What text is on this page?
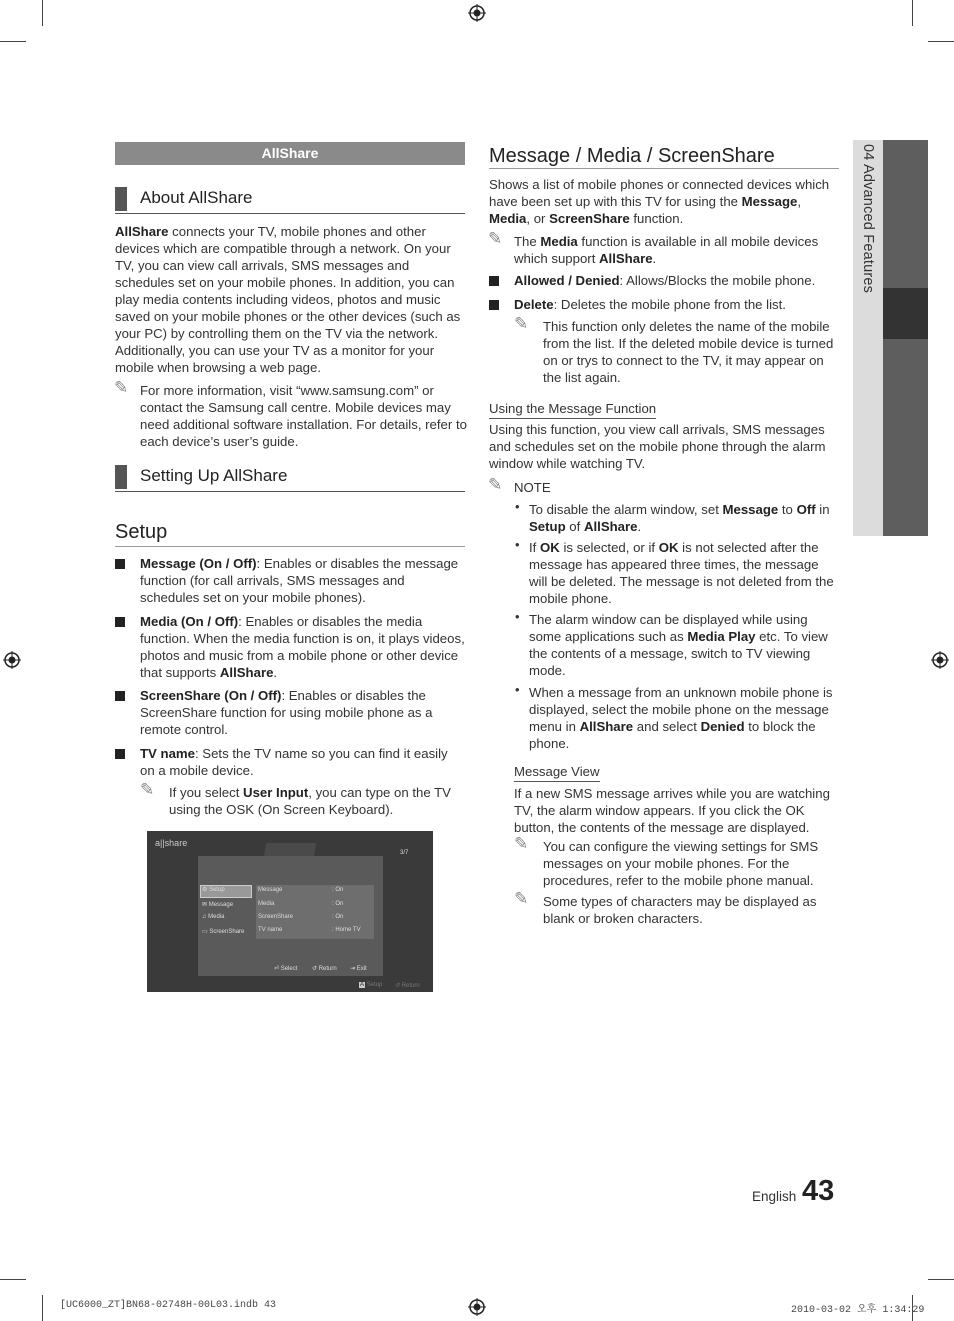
AllShare
About AllShare
AllShare connects your TV, mobile phones and other devices which are compatible through a network. On your TV, you can view call arrivals, SMS messages and schedules set on your mobile phones. In addition, you can play media contents including videos, photos and music saved on your mobile phones or the other devices (such as your PC) by controlling them on the TV via the network. Additionally, you can use your TV as a monitor for your mobile when browsing a web page.
✎ For more information, visit “www.samsung.com” or contact the Samsung call centre. Mobile devices may need additional software installation. For details, refer to each device’s user’s guide.
Setting Up AllShare
Setup
Message (On / Off): Enables or disables the message function (for call arrivals, SMS messages and schedules set on your mobile phones).
Media (On / Off): Enables or disables the media function. When the media function is on, it plays videos, photos and music from a mobile phone or other device that supports AllShare.
ScreenShare (On / Off): Enables or disables the ScreenShare function for using mobile phone as a remote control.
TV name: Sets the TV name so you can find it easily on a mobile device.
✎ If you select User Input, you can type on the TV using the OSK (On Screen Keyboard).
a||share
3/7
⚙ Setup
✉ Message
♫ Media
▭ ScreenShare
Message	: On
Media	: On
ScreenShare	: On
TV name	: Home TV
⏎ Select ↺ Return ⇥ Exit
A Setup ↺ Return
Message / Media / ScreenShare
Shows a list of mobile phones or connected devices which have been set up with this TV for using the Message, Media, or ScreenShare function.
✎ The Media function is available in all mobile devices which support AllShare.
Allowed / Denied: Allows/Blocks the mobile phone.
Delete: Deletes the mobile phone from the list.
✎ This function only deletes the name of the mobile from the list. If the deleted mobile device is turned on or trys to connect to the TV, it may appear on the list again.
Using the Message Function
Using this function, you view call arrivals, SMS messages and schedules set on the mobile phone through the alarm window while watching TV.
✎ NOTE
• To disable the alarm window, set Message to Off in Setup of AllShare.
• If OK is selected, or if OK is not selected after the message has appeared three times, the message will be deleted. The message is not deleted from the mobile phone.
• The alarm window can be displayed while using some applications such as Media Play etc. To view the contents of a message, switch to TV viewing mode.
• When a message from an unknown mobile phone is displayed, select the mobile phone on the message menu in AllShare and select Denied to block the phone.
Message View
If a new SMS message arrives while you are watching TV, the alarm window appears. If you click the OK button, the contents of the message are displayed.
✎ You can configure the viewing settings for SMS messages on your mobile phones. For the procedures, refer to the mobile phone manual.
✎ Some types of characters may be displayed as blank or broken characters.
04 Advanced Features
English 43
[UC6000_ZT]BN68-02748H-00L03.indb 43	2010-03-02 오후 1:34:29
